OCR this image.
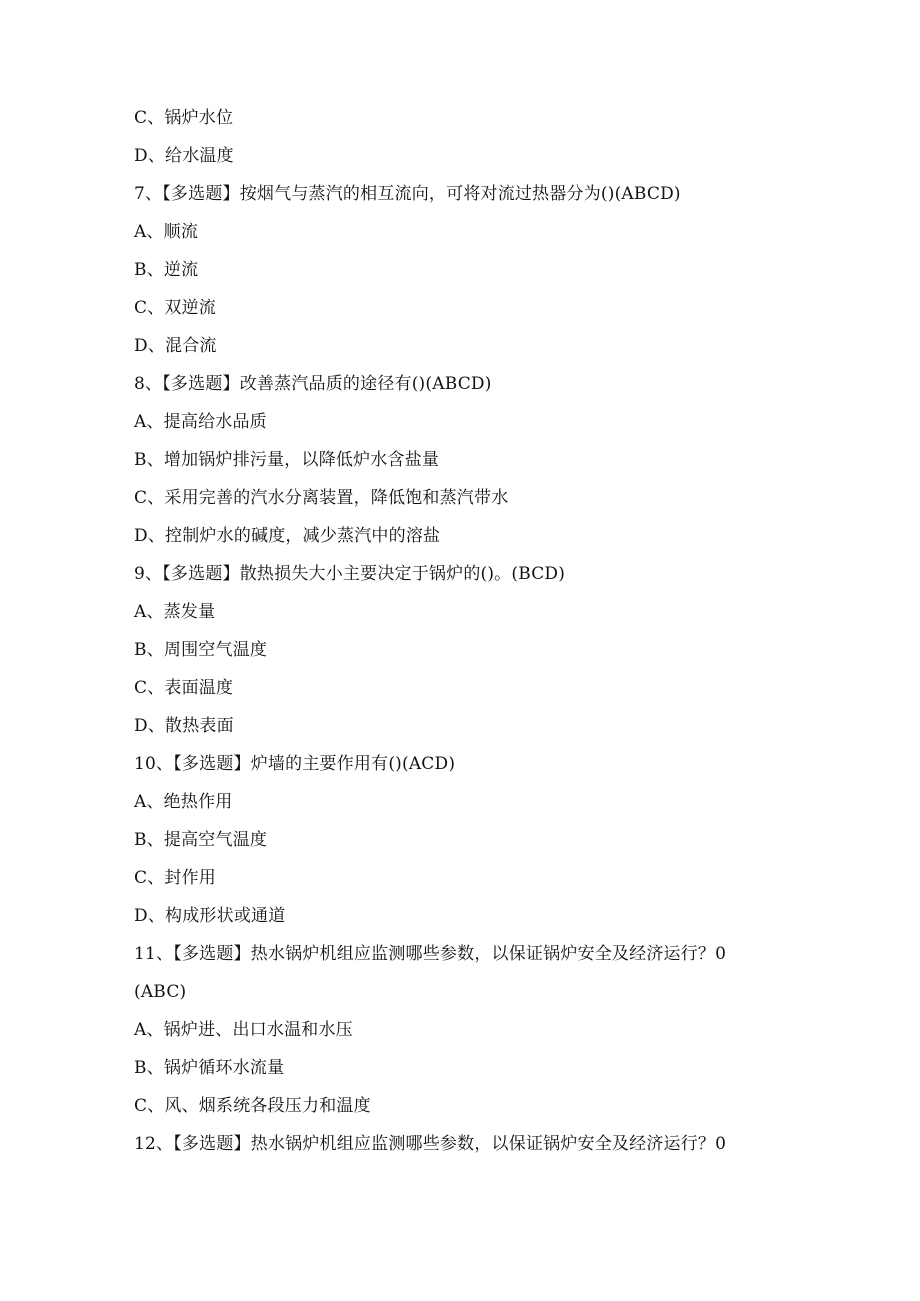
C、锅炉水位
D、给水温度
7、【多选题】按烟气与蒸汽的相互流向，可将对流过热器分为()(ABCD)
A、顺流
B、逆流
C、双逆流
D、混合流
8、【多选题】改善蒸汽品质的途径有()(ABCD)
A、提高给水品质
B、增加锅炉排污量，以降低炉水含盐量
C、采用完善的汽水分离装置，降低饱和蒸汽带水
D、控制炉水的碱度，减少蒸汽中的溶盐
9、【多选题】散热损失大小主要决定于锅炉的()。(BCD)
A、蒸发量
B、周围空气温度
C、表面温度
D、散热表面
10、【多选题】炉墙的主要作用有()(ACD)
A、绝热作用
B、提高空气温度
C、封作用
D、构成形状或通道
11、【多选题】热水锅炉机组应监测哪些参数，以保证锅炉安全及经济运行？0
(ABC)
A、锅炉进、出口水温和水压
B、锅炉循环水流量
C、风、烟系统各段压力和温度
12、【多选题】热水锅炉机组应监测哪些参数，以保证锅炉安全及经济运行？0
